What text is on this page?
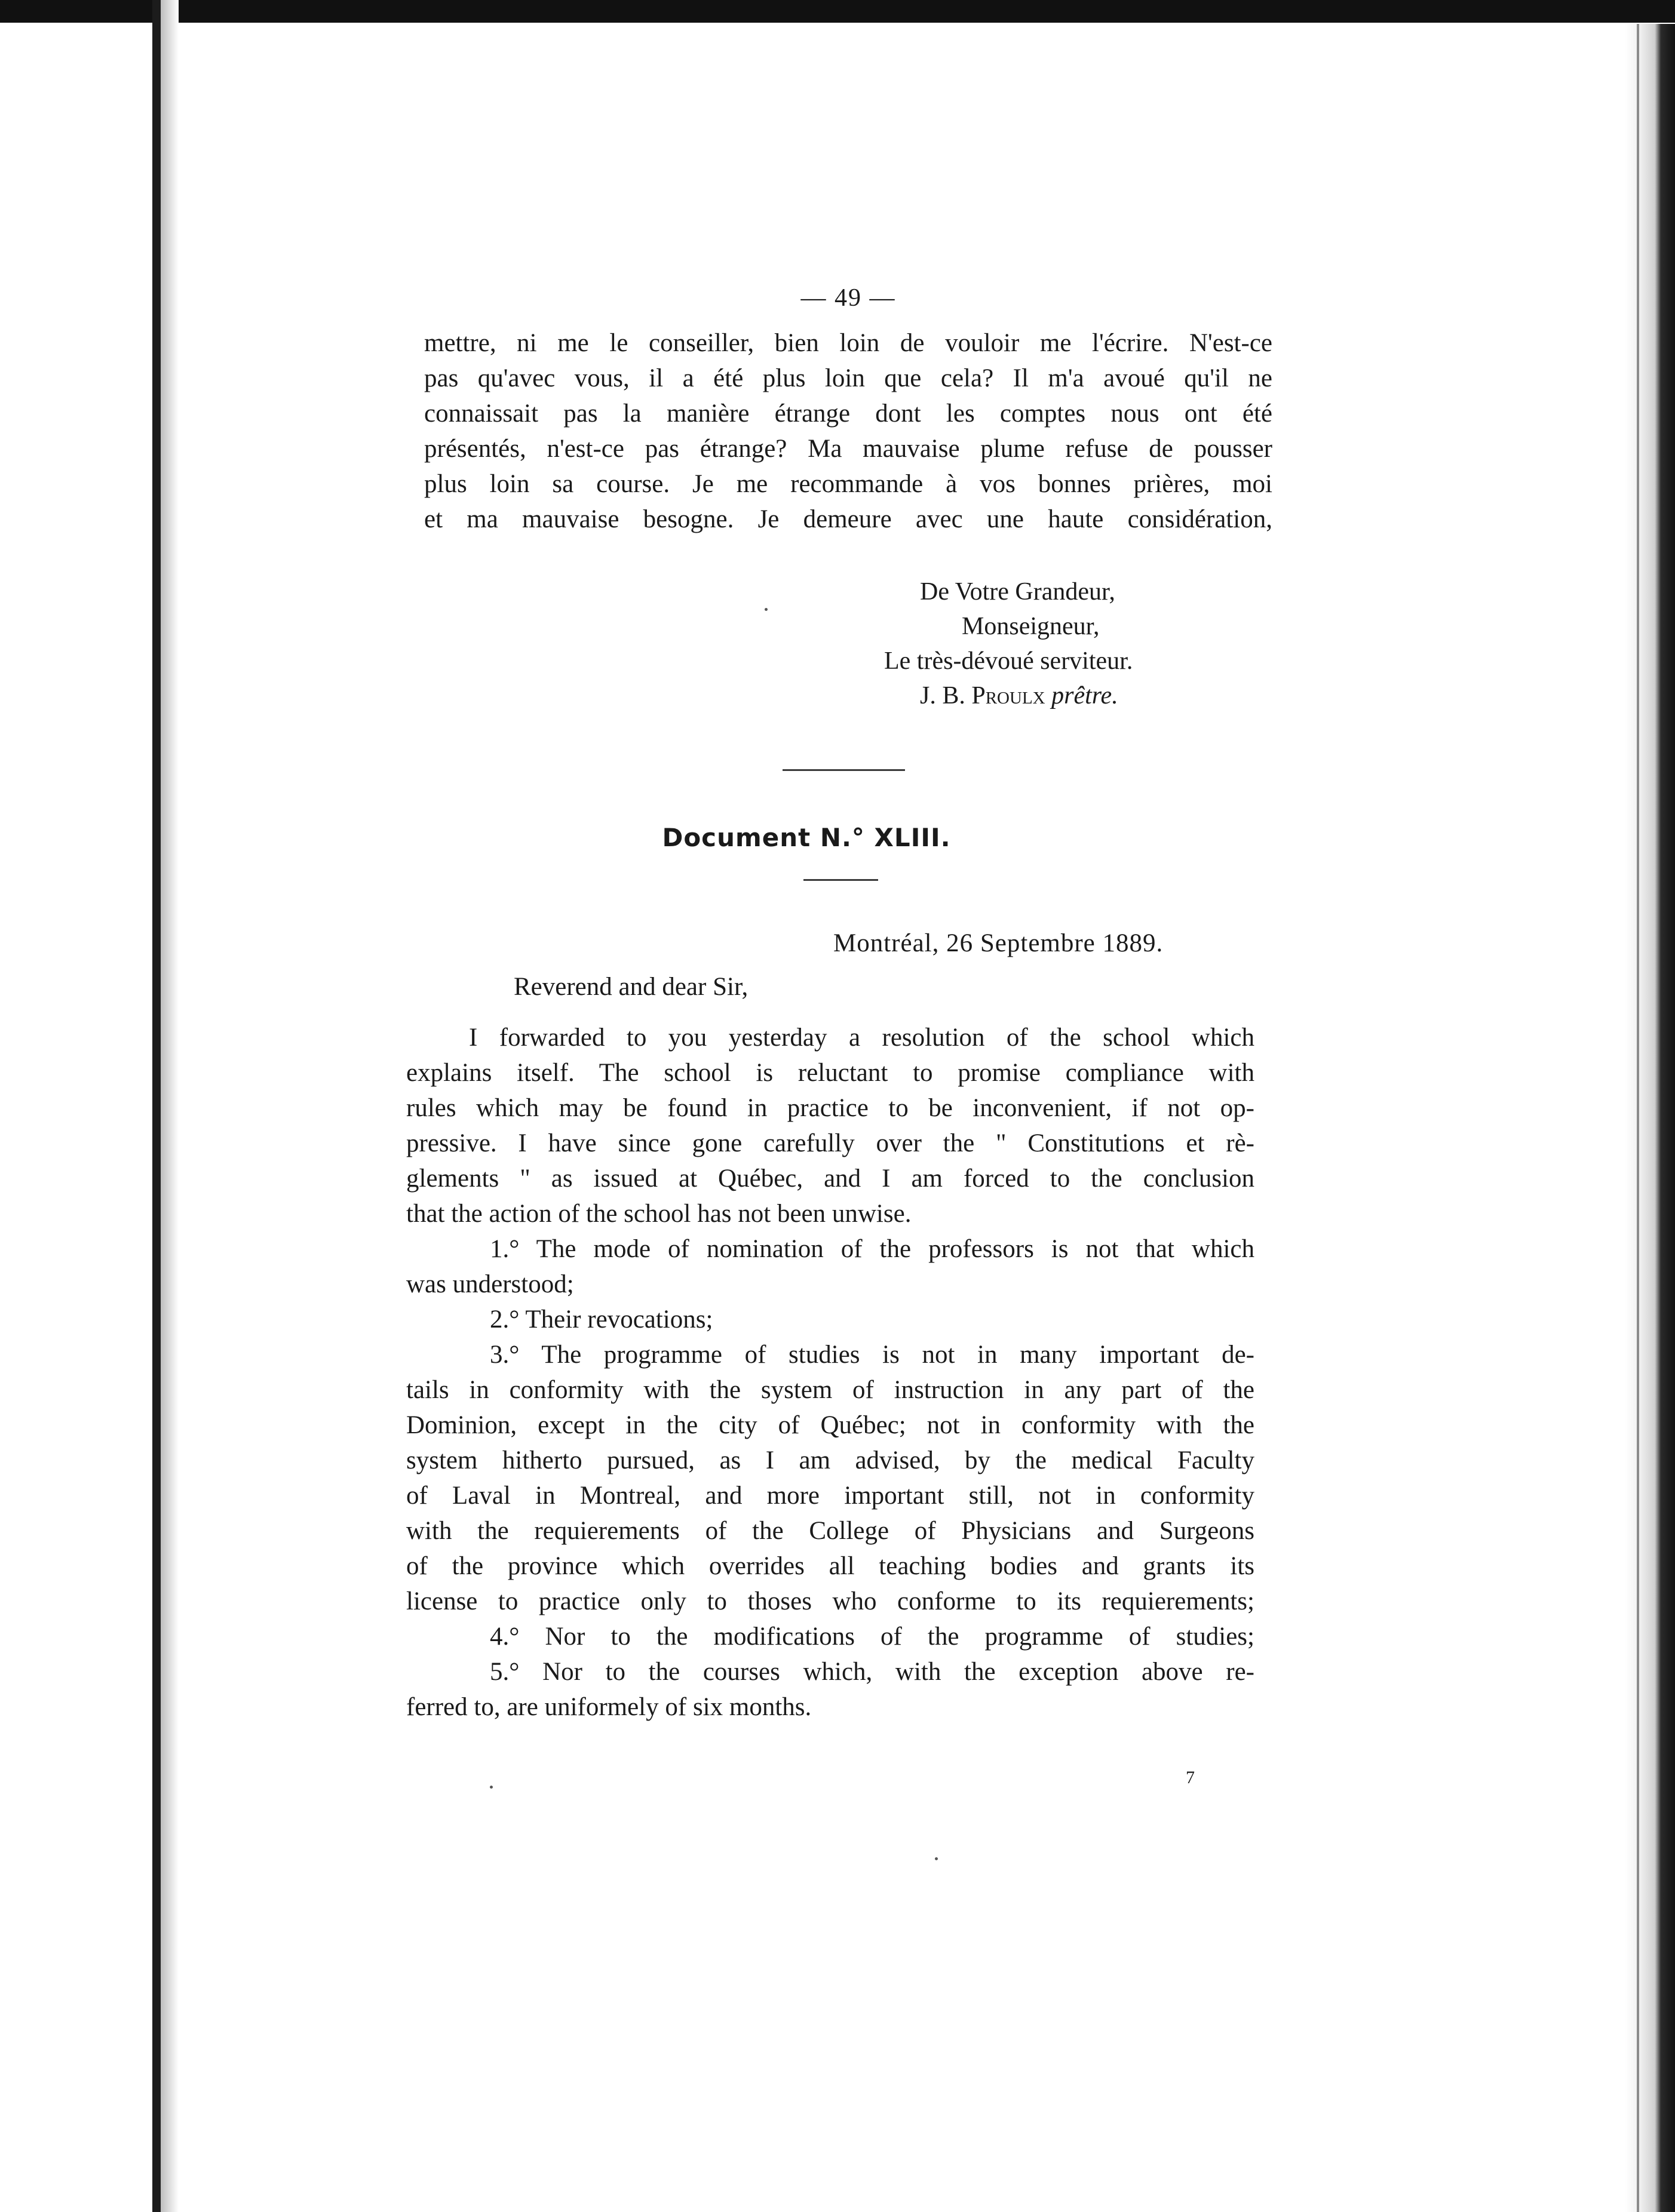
— 49 —
mettre, ni me le conseiller, bien loin de vouloir me l'écrire. N'est-ce
pas qu'avec vous, il a été plus loin que cela? Il m'a avoué qu'il ne
connaissait pas la manière étrange dont les comptes nous ont été
présentés, n'est-ce pas étrange? Ma mauvaise plume refuse de pousser
plus loin sa course. Je me recommande à vos bonnes prières, moi
et ma mauvaise besogne. Je demeure avec une haute considération,
De Votre Grandeur,
Monseigneur,
Le très-dévoué serviteur.
J. B. Proulx prêtre.
Document N.° XLIII.
Montréal, 26 Septembre 1889.
Reverend and dear Sir,
I forwarded to you yesterday a resolution of the school which
explains itself. The school is reluctant to promise compliance with
rules which may be found in practice to be inconvenient, if not op-
pressive. I have since gone carefully over the " Constitutions et rè-
glements " as issued at Québec, and I am forced to the conclusion
that the action of the school has not been unwise.
1.° The mode of nomination of the professors is not that which
was understood;
2.° Their revocations;
3.° The programme of studies is not in many important de-
tails in conformity with the system of instruction in any part of the
Dominion, except in the city of Québec; not in conformity with the
system hitherto pursued, as I am advised, by the medical Faculty
of Laval in Montreal, and more important still, not in conformity
with the requierements of the College of Physicians and Surgeons
of the province which overrides all teaching bodies and grants its
license to practice only to thoses who conforme to its requierements;
4.° Nor to the modifications of the programme of studies;
5.° Nor to the courses which, with the exception above re-
ferred to, are uniformely of six months.
7
